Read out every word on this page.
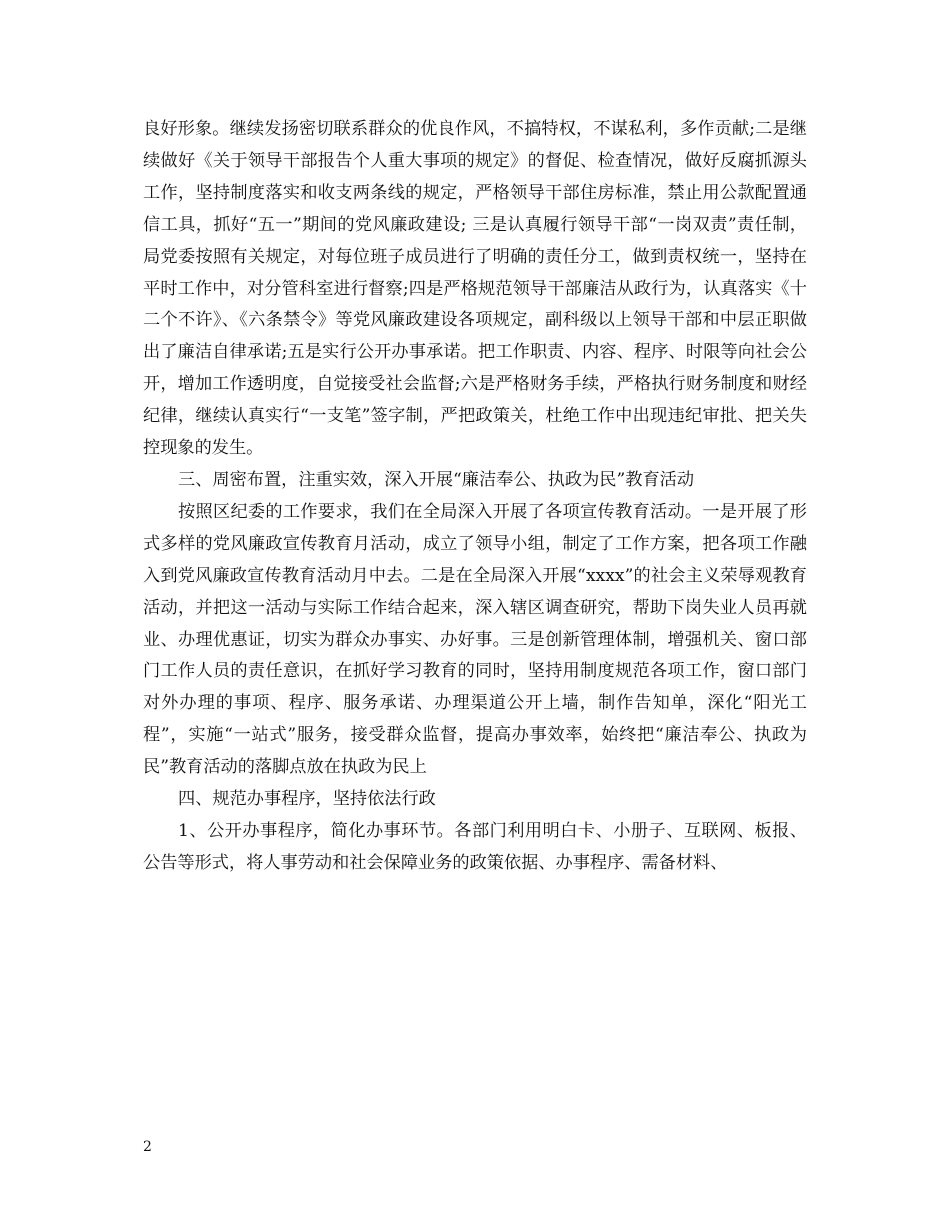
良好形象。继续发扬密切联系群众的优良作风，不搞特权，不谋私利，多作贡献;二是继续做好《关于领导干部报告个人重大事项的规定》的督促、检查情况，做好反腐抓源头工作，坚持制度落实和收支两条线的规定，严格领导干部住房标准，禁止用公款配置通信工具，抓好“五一”期间的党风廉政建设; 三是认真履行领导干部“一岗双责”责任制，局党委按照有关规定，对每位班子成员进行了明确的责任分工，做到责权统一，坚持在平时工作中，对分管科室进行督察;四是严格规范领导干部廉洁从政行为，认真落实《十二个不许》、《六条禁令》等党风廉政建设各项规定，副科级以上领导干部和中层正职做出了廉洁自律承诺;五是实行公开办事承诺。把工作职责、内容、程序、时限等向社会公开，增加工作透明度，自觉接受社会监督;六是严格财务手续，严格执行财务制度和财经纪律，继续认真实行“一支笔”签字制，严把政策关，杜绝工作中出现违纪审批、把关失控现象的发生。

三、周密布置，注重实效，深入开展“廉洁奉公、执政为民”教育活动

按照区纪委的工作要求，我们在全局深入开展了各项宣传教育活动。一是开展了形式多样的党风廉政宣传教育月活动，成立了领导小组，制定了工作方案，把各项工作融入到党风廉政宣传教育活动月中去。二是在全局深入开展“xxxx”的社会主义荣辱观教育活动，并把这一活动与实际工作结合起来，深入辖区调查研究，帮助下岗失业人员再就业、办理优惠证，切实为群众办事实、办好事。三是创新管理体制，增强机关、窗口部门工作人员的责任意识，在抓好学习教育的同时，坚持用制度规范各项工作，窗口部门对外办理的事项、程序、服务承诺、办理渠道公开上墙，制作告知单，深化“阳光工程”，实施“一站式”服务，接受群众监督，提高办事效率，始终把“廉洁奉公、执政为民”教育活动的落脚点放在执政为民上

四、规范办事程序，坚持依法行政

1、公开办事程序，简化办事环节。各部门利用明白卡、小册子、互联网、板报、公告等形式，将人事劳动和社会保障业务的政策依据、办事程序、需备材料、

2
